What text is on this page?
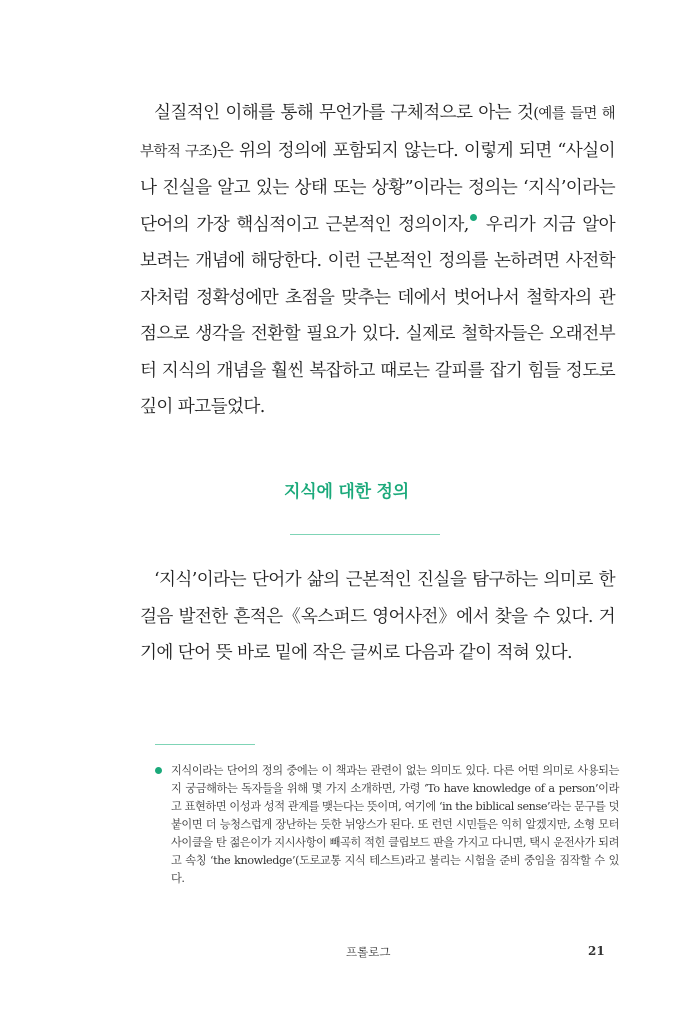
실질적인 이해를 통해 무언가를 구체적으로 아는 것(예를 들면 해부학적 구조)은 위의 정의에 포함되지 않는다. 이렇게 되면 “사실이나 진실을 알고 있는 상태 또는 상황”이라는 정의는 ‘지식’이라는 단어의 가장 핵심적이고 근본적인 정의이자, 우리가 지금 알아보려는 개념에 해당한다. 이런 근본적인 정의를 논하려면 사전학자처럼 정확성에만 초점을 맞추는 데에서 벗어나서 철학자의 관점으로 생각을 전환할 필요가 있다. 실제로 철학자들은 오래전부터 지식의 개념을 훨씬 복잡하고 때로는 갈피를 잡기 힘들 정도로 깊이 파고들었다.

지식에 대한 정의

‘지식’이라는 단어가 삶의 근본적인 진실을 탐구하는 의미로 한 걸음 발전한 흔적은《옥스퍼드 영어사전》에서 찾을 수 있다. 거기에 단어 뜻 바로 밑에 작은 글씨로 다음과 같이 적혀 있다.

지식이라는 단어의 정의 중에는 이 책과는 관련이 없는 의미도 있다. 다른 어떤 의미로 사용되는지 궁금해하는 독자들을 위해 몇 가지 소개하면, 가령 ‘To have knowledge of a person’이라고 표현하면 이성과 성적 관계를 맺는다는 뜻이며, 여기에 ‘in the biblical sense’라는 문구를 덧붙이면 더 능청스럽게 장난하는 듯한 뉘앙스가 된다. 또 런던 시민들은 익히 알겠지만, 소형 모터사이클을 탄 젊은이가 지시사항이 빼곡히 적힌 클립보드 판을 가지고 다니면, 택시 운전사가 되려고 속칭 ‘the knowledge’(도로교통 지식 테스트)라고 불리는 시험을 준비 중임을 짐작할 수 있다.

프롤로그	21
